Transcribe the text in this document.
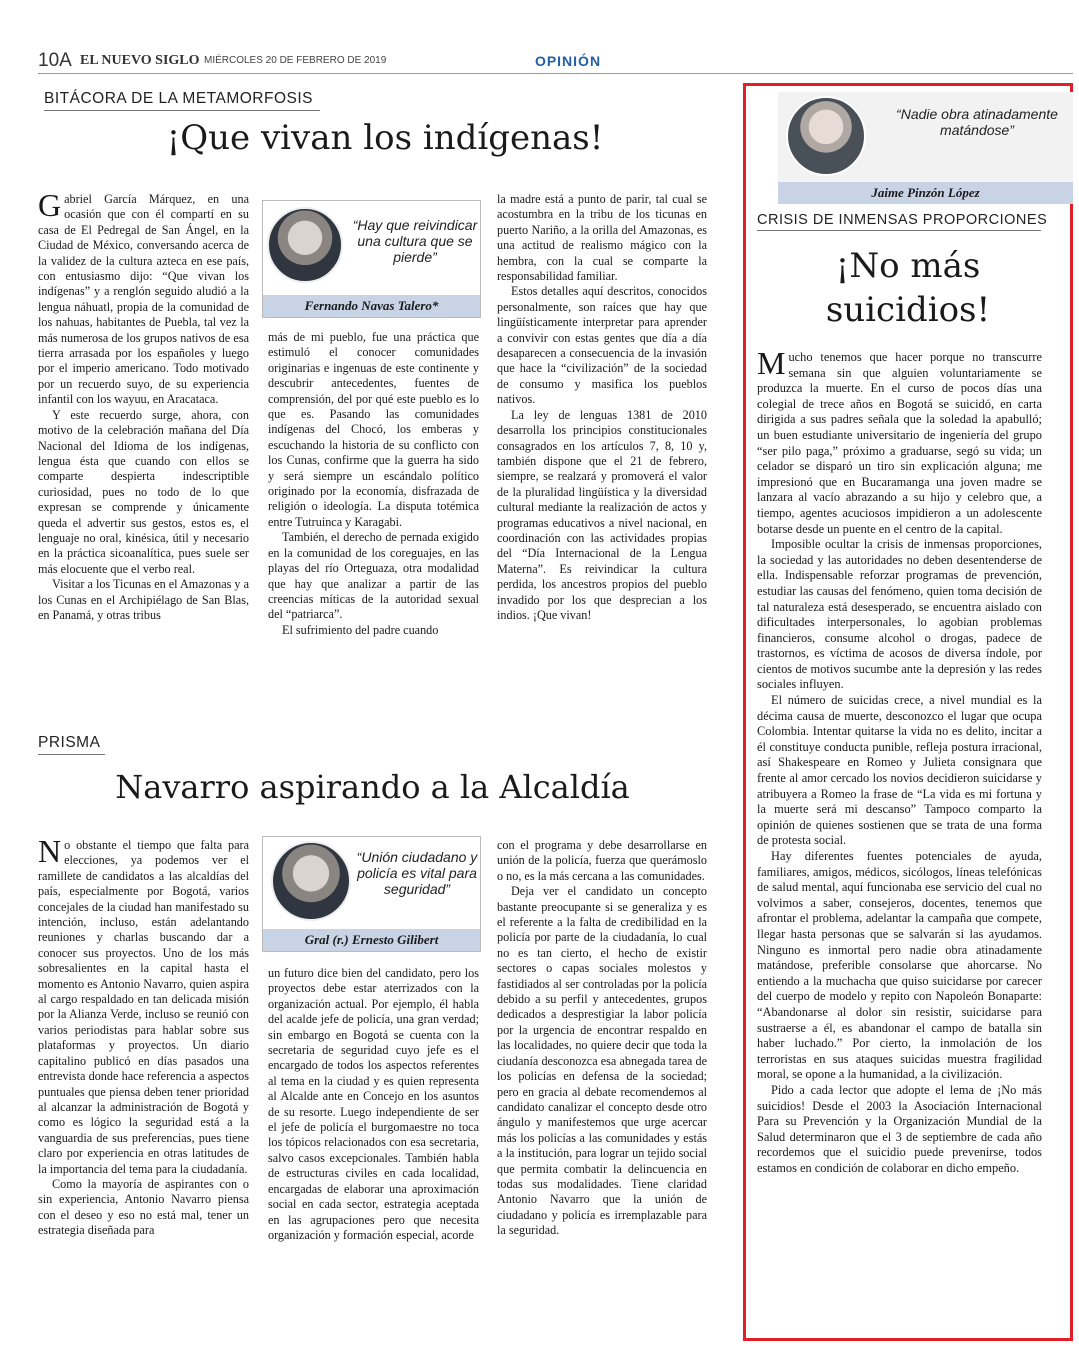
10A EL NUEVO SIGLO MIÉRCOLES 20 DE FEBRERO DE 2019	OPINIÓN
BITÁCORA DE LA METAMORFOSIS
¡Que vivan los indígenas!

Gabriel García Márquez, en una ocasión que con él compartí en su casa de El Pedregal de San Ángel, en la Ciudad de México, conversando acerca de la validez de la cultura azteca en ese país, con entusiasmo dijo: “Que vivan los indígenas” y a renglón seguido aludió a la lengua náhuatl, propia de la comunidad de los nahuas, habitantes de Puebla, tal vez la más numerosa de los grupos nativos de esa tierra arrasada por los españoles y luego por el imperio americano. Todo motivado por un recuerdo suyo, de su experiencia infantil con los wayuu, en Aracataca.

Y este recuerdo surge, ahora, con motivo de la celebración mañana del Día Nacional del Idioma de los indígenas, lengua ésta que cuando con ellos se comparte despierta indescriptible curiosidad, pues no todo de lo que expresan se comprende y únicamente queda el advertir sus gestos, estos es, el lenguaje no oral, kinésica, útil y necesario en la práctica sicoanalítica, pues suele ser más elocuente que el verbo real.

Visitar a los Ticunas en el Amazonas y a los Cunas en el Archipiélago de San Blas, en Panamá, y otras tribus

“Hay que reivindicar una cultura que se pierde”
Fernando Navas Talero*

más de mi pueblo, fue una práctica que estimuló el conocer comunidades originarias e ingenuas de este continente y descubrir antecedentes, fuentes de comprensión, del por qué este pueblo es lo que es. Pasando las comunidades indígenas del Chocó, los emberas y escuchando la historia de su conflicto con los Cunas, confirme que la guerra ha sido y será siempre un escándalo político originado por la economía, disfrazada de religión o ideología. La disputa totémica entre Tutruinca y Karagabi.

También, el derecho de pernada exigido en la comunidad de los coreguajes, en las playas del río Orteguaza, otra modalidad que hay que analizar a partir de las creencias míticas de la autoridad sexual del “patriarca”.

El sufrimiento del padre cuando

la madre está a punto de parir, tal cual se acostumbra en la tribu de los ticunas en puerto Nariño, a la orilla del Amazonas, es una actitud de realismo mágico con la hembra, con la cual se comparte la responsabilidad familiar.

Estos detalles aquí descritos, conocidos personalmente, son raíces que hay que lingüísticamente interpretar para aprender a convivir con estas gentes que día a día desaparecen a consecuencia de la invasión que hace la “civilización” de la sociedad de consumo y masifica los pueblos nativos.

La ley de lenguas 1381 de 2010 desarrolla los principios constitucionales consagrados en los artículos 7, 8, 10 y, también dispone que el 21 de febrero, siempre, se realzará y promoverá el valor de la pluralidad lingüística y la diversidad cultural mediante la realización de actos y programas educativos a nivel nacional, en coordinación con las actividades propias del “Día Internacional de la Lengua Materna”. Es reivindicar la cultura perdida, los ancestros propios del pueblo invadido por los que desprecian a los indios. ¡Que vivan!

PRISMA
Navarro aspirando a la Alcaldía

No obstante el tiempo que falta para elecciones, ya podemos ver el ramillete de candidatos a las alcaldías del país, especialmente por Bogotá, varios concejales de la ciudad han manifestado su intención, incluso, están adelantando reuniones y charlas buscando dar a conocer sus proyectos. Uno de los más sobresalientes en la capital hasta el momento es Antonio Navarro, quien aspira al cargo respaldado en tan delicada misión por la Alianza Verde, incluso se reunió con varios periodistas para hablar sobre sus plataformas y proyectos. Un diario capitalino publicó en días pasados una entrevista donde hace referencia a aspectos puntuales que piensa deben tener prioridad al alcanzar la administración de Bogotá y como es lógico la seguridad está a la vanguardia de sus preferencias, pues tiene claro por experiencia en otras latitudes de la importancia del tema para la ciudadanía.

Como la mayoría de aspirantes con o sin experiencia, Antonio Navarro piensa con el deseo y eso no está mal, tener un estrategia diseñada para

“Unión ciudadano y policía es vital para seguridad”
Gral (r.) Ernesto Gilibert

un futuro dice bien del candidato, pero los proyectos debe estar aterrizados con la organización actual. Por ejemplo, él habla del acalde jefe de policía, una gran verdad; sin embargo en Bogotá se cuenta con la secretaria de seguridad cuyo jefe es el encargado de todos los aspectos referentes al tema en la ciudad y es quien representa al Alcalde ante en Concejo en los asuntos de su resorte. Luego independiente de ser el jefe de policía el burgomaestre no toca los tópicos relacionados con esa secretaria, salvo casos excepcionales. También habla de estructuras civiles en cada localidad, encargadas de elaborar una aproximación social en cada sector, estrategia aceptada en las agrupaciones pero que necesita organización y formación especial, acorde

con el programa y debe desarrollarse en unión de la policía, fuerza que querámoslo o no, es la más cercana a las comunidades.

Deja ver el candidato un concepto bastante preocupante si se generaliza y es el referente a la falta de credibilidad en la policía por parte de la ciudadanía, lo cual no es tan cierto, el hecho de existir sectores o capas sociales molestos y fastidiados al ser controladas por la policía debido a su perfil y antecedentes, grupos dedicados a desprestigiar la labor policía por la urgencia de encontrar respaldo en las localidades, no quiere decir que toda la ciudanía desconozca esa abnegada tarea de los policías en defensa de la sociedad; pero en gracia al debate recomendemos al candidato canalizar el concepto desde otro ángulo y manifestemos que urge acercar más los policías a las comunidades y estás a la institución, para lograr un tejido social que permita combatir la delincuencia en todas sus modalidades. Tiene claridad Antonio Navarro que la unión de ciudadano y policía es irremplazable para la seguridad.

“Nadie obra atinadamente matándose”
Jaime Pinzón López
CRISIS DE INMENSAS PROPORCIONES
¡No más
suicidios!

Mucho tenemos que hacer porque no transcurre semana sin que alguien voluntariamente se produzca la muerte. En el curso de pocos días una colegial de trece años en Bogotá se suicidó, en carta dirigida a sus padres señala que la soledad la apabulló; un buen estudiante universitario de ingeniería del grupo “ser pilo paga,” próximo a graduarse, segó su vida; un celador se disparó un tiro sin explicación alguna; me impresionó que en Bucaramanga una joven madre se lanzara al vacío abrazando a su hijo y celebro que, a tiempo, agentes acuciosos impidieron a un adolescente botarse desde un puente en el centro de la capital.

Imposible ocultar la crisis de inmensas proporciones, la sociedad y las autoridades no deben desentenderse de ella. Indispensable reforzar programas de prevención, estudiar las causas del fenómeno, quien toma decisión de tal naturaleza está desesperado, se encuentra aislado con dificultades interpersonales, lo agobian problemas financieros, consume alcohol o drogas, padece de trastornos, es víctima de acosos de diversa índole, por cientos de motivos sucumbe ante la depresión y las redes sociales influyen.

El número de suicidas crece, a nivel mundial es la décima causa de muerte, desconozco el lugar que ocupa Colombia. Intentar quitarse la vida no es delito, incitar a él constituye conducta punible, refleja postura irracional, así Shakespeare en Romeo y Julieta consignara que frente al amor cercado los novios decidieron suicidarse y atribuyera a Romeo la frase de “La vida es mi fortuna y la muerte será mi descanso” Tampoco comparto la opinión de quienes sostienen que se trata de una forma de protesta social.

Hay diferentes fuentes potenciales de ayuda, familiares, amigos, médicos, sicólogos, líneas telefónicas de salud mental, aquí funcionaba ese servicio del cual no volvimos a saber, consejeros, docentes, tenemos que afrontar el problema, adelantar la campaña que compete, llegar hasta personas que se salvarán si las ayudamos. Ninguno es inmortal pero nadie obra atinadamente matándose, preferible consolarse que ahorcarse. No entiendo a la muchacha que quiso suicidarse por carecer del cuerpo de modelo y repito con Napoleón Bonaparte: “Abandonarse al dolor sin resistir, suicidarse para sustraerse a él, es abandonar el campo de batalla sin haber luchado.” Por cierto, la inmolación de los terroristas en sus ataques suicidas muestra fragilidad moral, se opone a la humanidad, a la civilización.

Pido a cada lector que adopte el lema de ¡No más suicidios! Desde el 2003 la Asociación Internacional Para su Prevención y la Organización Mundial de la Salud determinaron que el 3 de septiembre de cada año recordemos que el suicidio puede prevenirse, todos estamos en condición de colaborar en dicho empeño.
